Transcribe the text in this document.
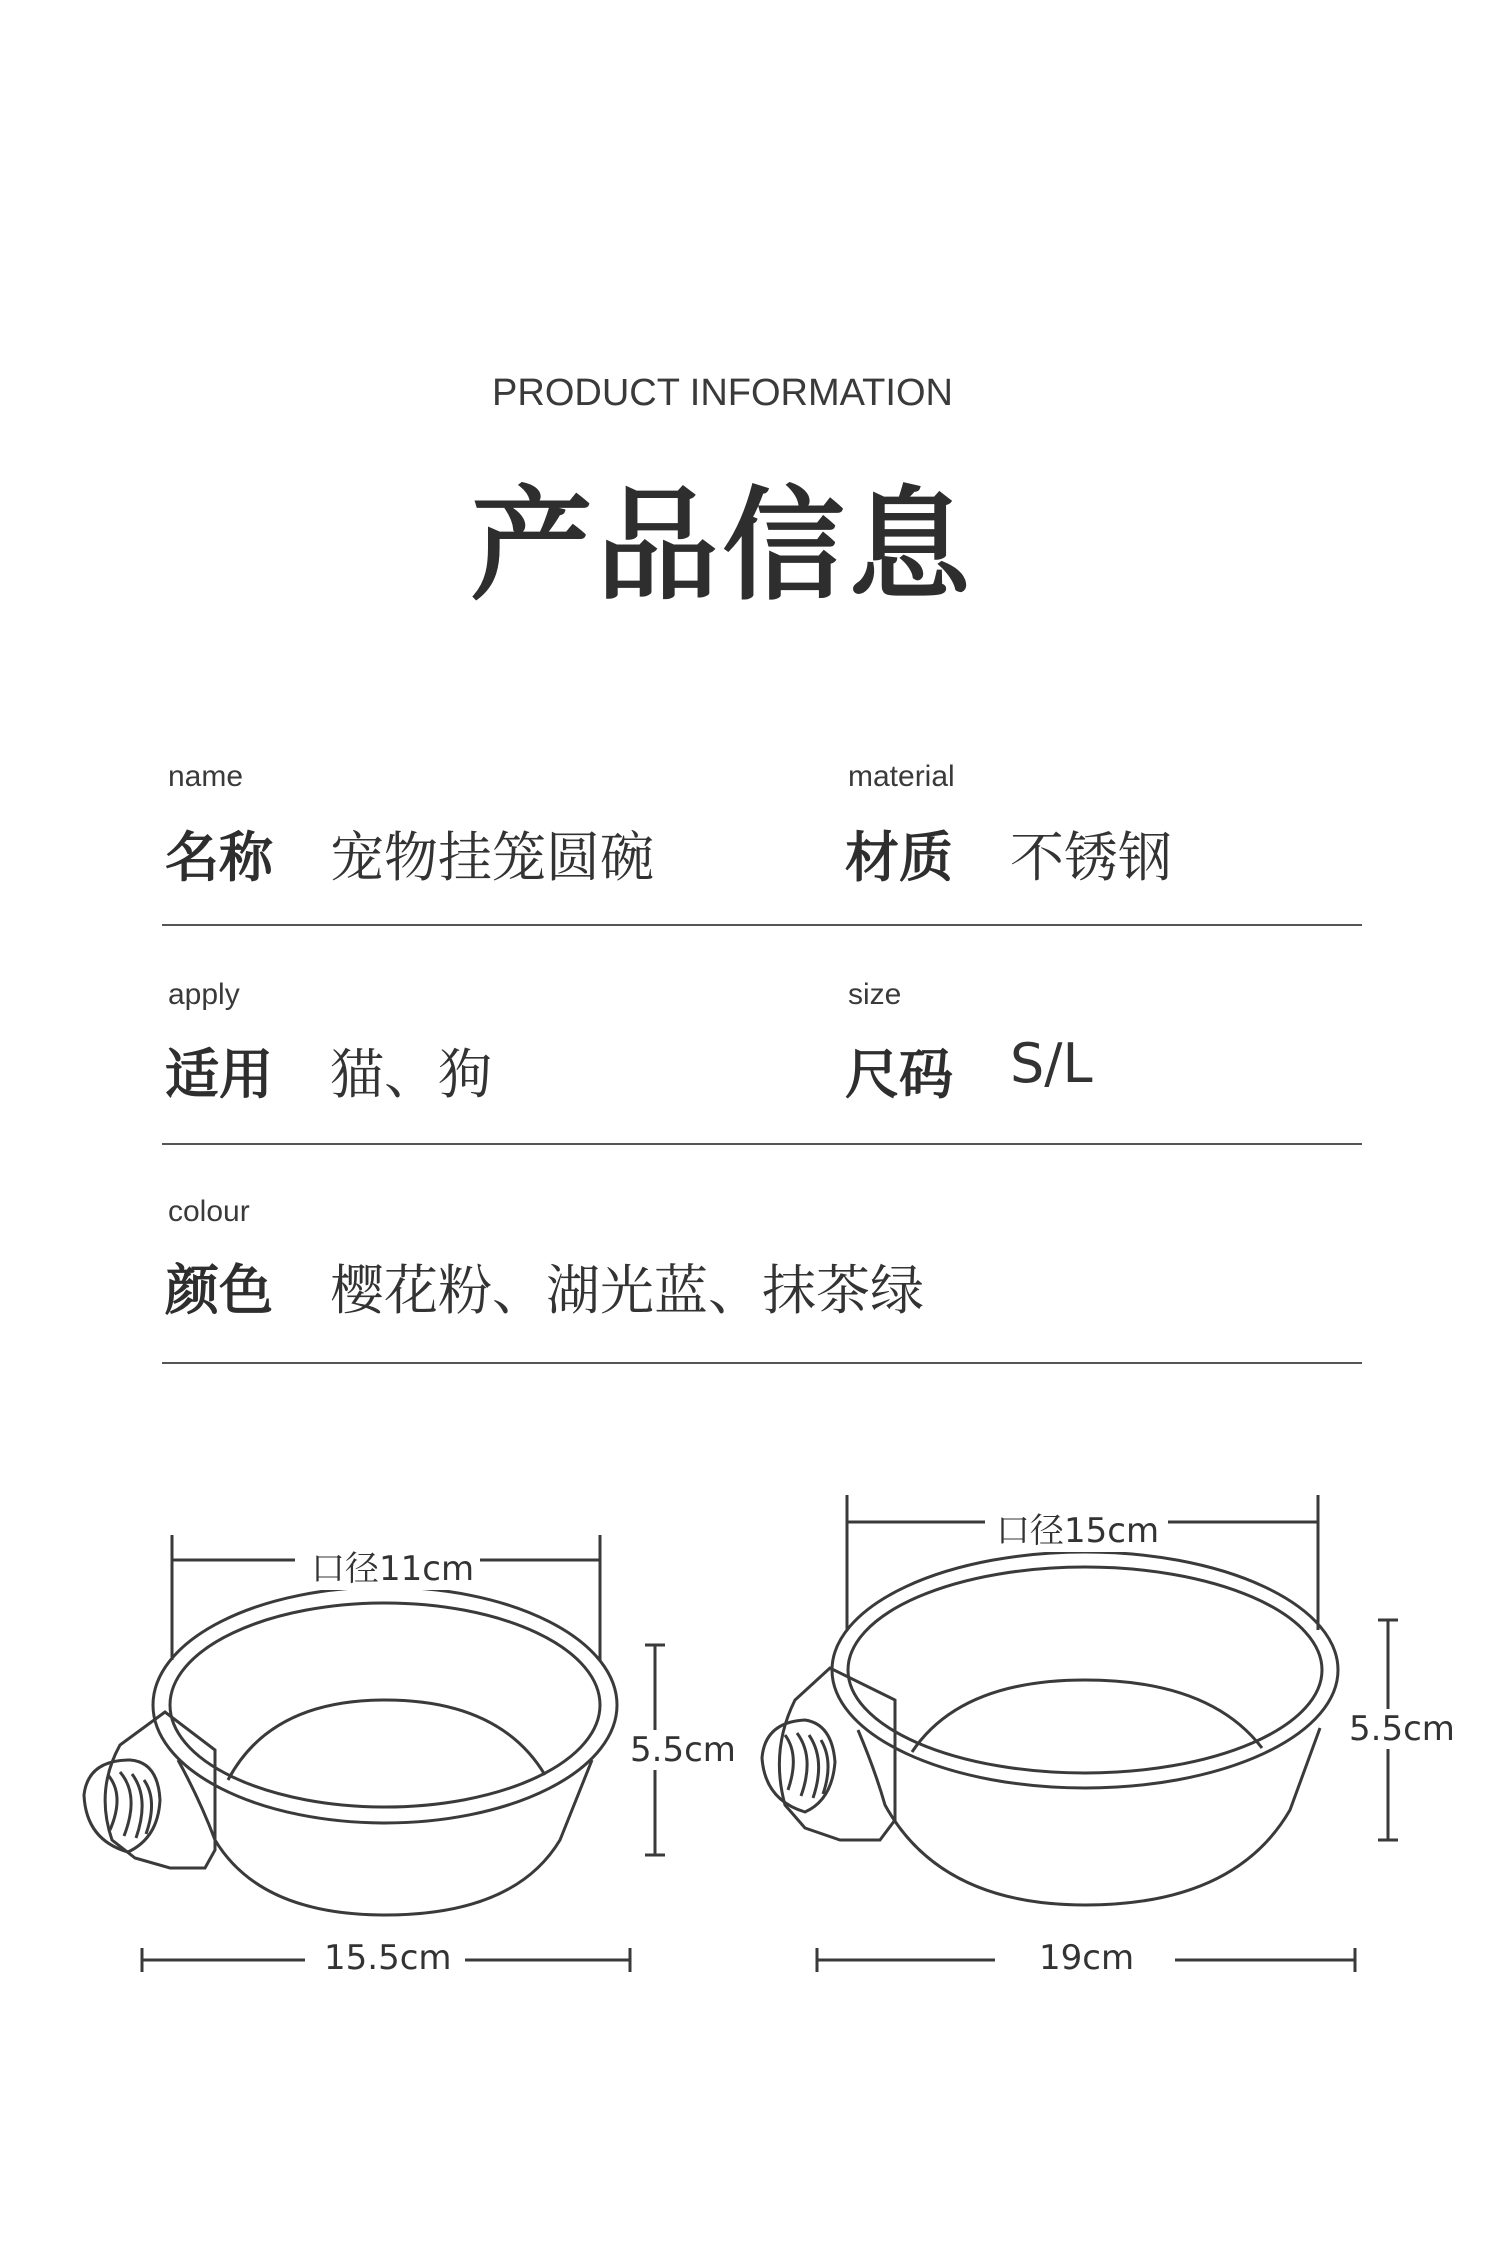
PRODUCT INFORMATION
产品信息
name
名称 宠物挂笼圆碗
material
材质 不锈钢
apply
适用 猫、狗
size
尺码 S/L
colour
颜色 樱花粉、湖光蓝、抹茶绿
口径11cm
5.5cm
15.5cm
口径15cm
5.5cm
19cm
